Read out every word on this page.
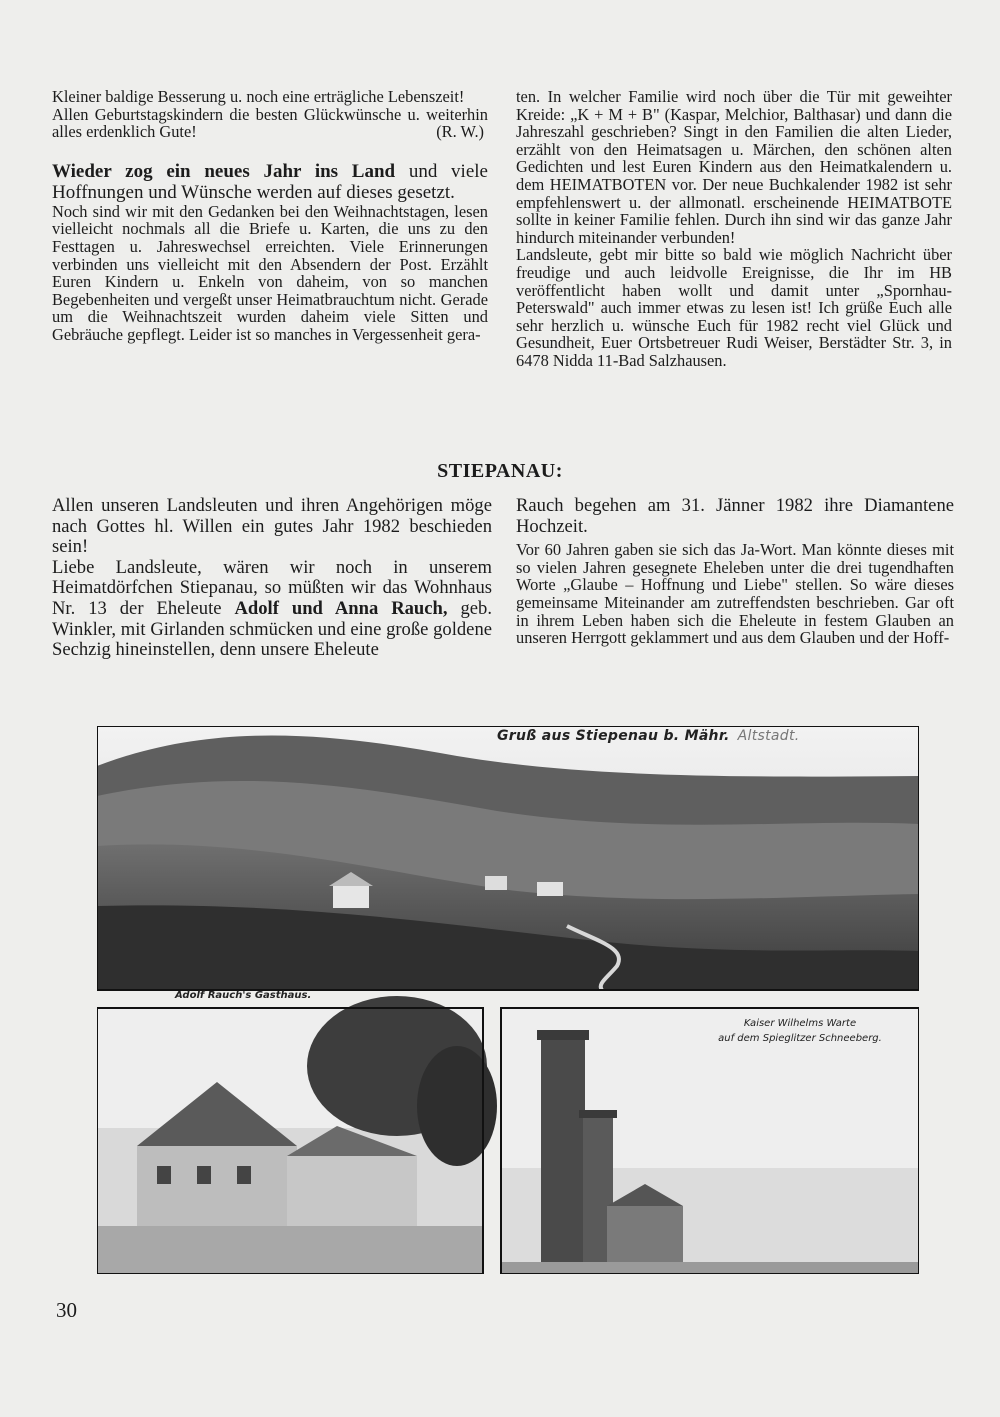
Kleiner baldige Besserung u. noch eine erträgliche Lebenszeit!

Allen Geburtstagskindern die besten Glückwünsche u. weiterhin alles erdenklich Gute!	(R. W.)

Wieder zog ein neues Jahr ins Land und viele Hoffnungen und Wünsche werden auf dieses gesetzt.

Noch sind wir mit den Gedanken bei den Weihnachtstagen, lesen vielleicht nochmals all die Briefe u. Karten, die uns zu den Festtagen u. Jahreswechsel erreichten. Viele Erinnerungen verbinden uns vielleicht mit den Absendern der Post. Erzählt Euren Kindern u. Enkeln von daheim, von so manchen Begebenheiten und vergeßt unser Heimatbrauchtum nicht. Gerade um die Weihnachtszeit wurden daheim viele Sitten und Gebräuche gepflegt. Leider ist so manches in Vergessenheit gera-

ten. In welcher Familie wird noch über die Tür mit geweihter Kreide: „K + M + B" (Kaspar, Melchior, Balthasar) und dann die Jahreszahl geschrieben? Singt in den Familien die alten Lieder, erzählt von den Heimatsagen u. Märchen, den schönen alten Gedichten und lest Euren Kindern aus den Heimatkalendern u. dem HEIMATBOTEN vor. Der neue Buchkalender 1982 ist sehr empfehlenswert u. der allmonatl. erscheinende HEIMATBOTE sollte in keiner Familie fehlen. Durch ihn sind wir das ganze Jahr hindurch miteinander verbunden!

Landsleute, gebt mir bitte so bald wie möglich Nachricht über freudige und auch leidvolle Ereignisse, die Ihr im HB veröffentlicht haben wollt und damit unter „Spornhau-Peterswald" auch immer etwas zu lesen ist! Ich grüße Euch alle sehr herzlich u. wünsche Euch für 1982 recht viel Glück und Gesundheit, Euer Ortsbetreuer Rudi Weiser, Berstädter Str. 3, in 6478 Nidda 11-Bad Salzhausen.

STIEPANAU:

Allen unseren Landsleuten und ihren Angehörigen möge nach Gottes hl. Willen ein gutes Jahr 1982 beschieden sein!

Liebe Landsleute, wären wir noch in unserem Heimatdörfchen Stiepanau, so müßten wir das Wohnhaus Nr. 13 der Eheleute Adolf und Anna Rauch, geb. Winkler, mit Girlanden schmücken und eine große goldene Sechzig hineinstellen, denn unsere Eheleute

Rauch begehen am 31. Jänner 1982 ihre Diamantene Hochzeit.

Vor 60 Jahren gaben sie sich das Ja-Wort. Man könnte dieses mit so vielen Jahren gesegnete Eheleben unter die drei tugendhaften Worte „Glaube – Hoffnung und Liebe" stellen. So wäre dieses gemeinsame Miteinander am zutreffendsten beschrieben. Gar oft in ihrem Leben haben sich die Eheleute in festem Glauben an unseren Herrgott geklammert und aus dem Glauben und der Hoff-

Gruß aus Stiepenau b. Mähr. Altstadt.
Adolf Rauch's Gasthaus.
Kaiser Wilhelms Warte
auf dem Spieglitzer Schneeberg.
30
